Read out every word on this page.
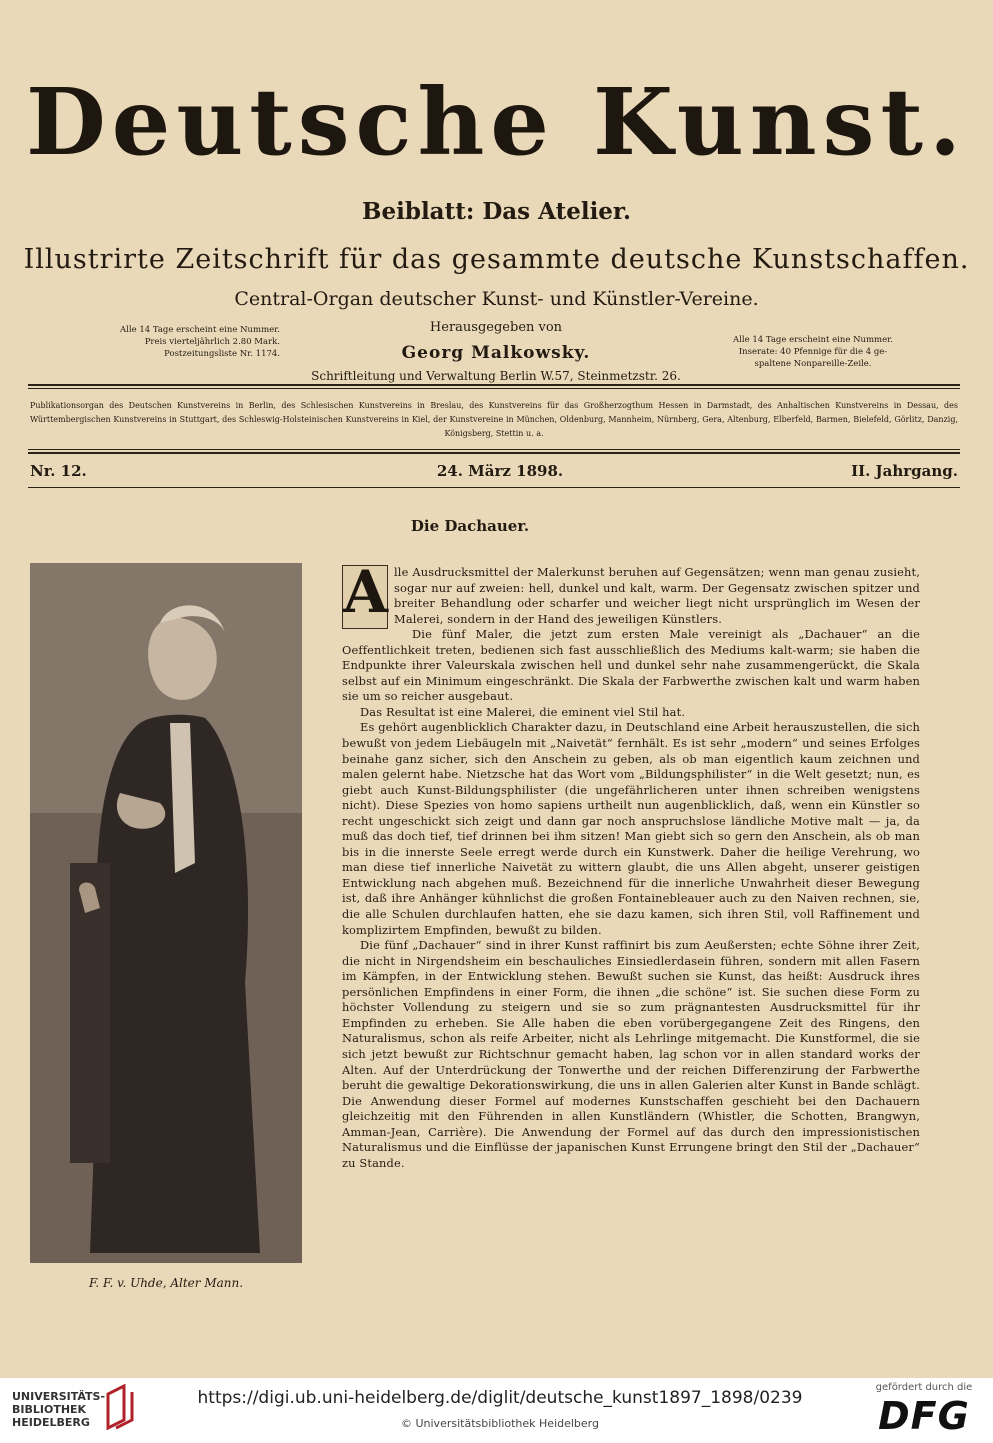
Deutsche Kunst.
Beiblatt: Das Atelier.
Illustrirte Zeitschrift für das gesammte deutsche Kunstschaffen.
Central-Organ deutscher Kunst- und Künstler-Vereine.
Alle 14 Tage erscheint eine Nummer.
Preis vierteljährlich 2.80 Mark.
Postzeitungsliste Nr. 1174.
Herausgegeben von
Georg Malkowsky.
Schriftleitung und Verwaltung Berlin W.57, Steinmetzstr. 26.
Alle 14 Tage erscheint eine Nummer.
Inserate: 40 Pfennige für die 4 ge-
spaltene Nonpareille-Zeile.
Publikationsorgan des Deutschen Kunstvereins in Berlin, des Schlesischen Kunstvereins in Breslau, des Kunstvereins für das Großherzogthum Hessen in Darmstadt, des Anhaltischen Kunstvereins in Dessau, des Württembergischen Kunstvereins in Stuttgart, des Schleswig-Holsteinischen Kunstvereins in Kiel, der Kunstvereine in München, Oldenburg, Mannheim, Nürnberg, Gera, Altenburg, Elberfeld, Barmen, Bielefeld, Görlitz, Danzig, Königsberg, Stettin u. a.
Nr. 12.	24. März 1898.	II. Jahrgang.
Die Dachauer.
F. F. v. Uhde, Alter Mann.

A lle Ausdrucksmittel der Malerkunst beruhen auf Gegensätzen; wenn man genau zusieht, sogar nur auf zweien: hell, dunkel und kalt, warm. Der Gegensatz zwischen spitzer und breiter Behandlung oder scharfer und weicher liegt nicht ursprünglich im Wesen der Malerei, sondern in der Hand des jeweiligen Künstlers.

Die fünf Maler, die jetzt zum ersten Male vereinigt als „Dachauer“ an die Oeffentlichkeit treten, bedienen sich fast ausschließlich des Mediums kalt-warm; sie haben die Endpunkte ihrer Valeurskala zwischen hell und dunkel sehr nahe zusammengerückt, die Skala selbst auf ein Minimum eingeschränkt. Die Skala der Farbwerthe zwischen kalt und warm haben sie um so reicher ausgebaut.

Das Resultat ist eine Malerei, die eminent viel Stil hat.

Es gehört augenblicklich Charakter dazu, in Deutschland eine Arbeit herauszustellen, die sich bewußt von jedem Liebäugeln mit „Naivetät“ fernhält. Es ist sehr „modern“ und seines Erfolges beinahe ganz sicher, sich den Anschein zu geben, als ob man eigentlich kaum zeichnen und malen gelernt habe. Nietzsche hat das Wort vom „Bildungsphilister“ in die Welt gesetzt; nun, es giebt auch Kunst-Bildungsphilister (die ungefährlicheren unter ihnen schreiben wenigstens nicht). Diese Spezies von homo sapiens urtheilt nun augenblicklich, daß, wenn ein Künstler so recht ungeschickt sich zeigt und dann gar noch anspruchslose ländliche Motive malt — ja, da muß das doch tief, tief drinnen bei ihm sitzen! Man giebt sich so gern den Anschein, als ob man bis in die innerste Seele erregt werde durch ein Kunstwerk. Daher die heilige Verehrung, wo man diese tief innerliche Naivetät zu wittern glaubt, die uns Allen abgeht, unserer geistigen Entwicklung nach abgehen muß. Bezeichnend für die innerliche Unwahrheit dieser Bewegung ist, daß ihre Anhänger kühnlichst die großen Fontainebleauer auch zu den Naiven rechnen, sie, die alle Schulen durchlaufen hatten, ehe sie dazu kamen, sich ihren Stil, voll Raffinement und komplizirtem Empfinden, bewußt zu bilden.

Die fünf „Dachauer“ sind in ihrer Kunst raffinirt bis zum Aeußersten; echte Söhne ihrer Zeit, die nicht in Nirgendsheim ein beschauliches Einsiedlerdasein führen, sondern mit allen Fasern im Kämpfen, in der Entwicklung stehen. Bewußt suchen sie Kunst, das heißt: Ausdruck ihres persönlichen Empfindens in einer Form, die ihnen „die schöne“ ist. Sie suchen diese Form zu höchster Vollendung zu steigern und sie so zum prägnantesten Ausdrucksmittel für ihr Empfinden zu erheben. Sie Alle haben die eben vorübergegangene Zeit des Ringens, den Naturalismus, schon als reife Arbeiter, nicht als Lehrlinge mitgemacht. Die Kunstformel, die sie sich jetzt bewußt zur Richtschnur gemacht haben, lag schon vor in allen standard works der Alten. Auf der Unterdrückung der Tonwerthe und der reichen Differenzirung der Farbwerthe beruht die gewaltige Dekorationswirkung, die uns in allen Galerien alter Kunst in Bande schlägt. Die Anwendung dieser Formel auf modernes Kunstschaffen geschieht bei den Dachauern gleichzeitig mit den Führenden in allen Kunstländern (Whistler, die Schotten, Brangwyn, Amman-Jean, Carrière). Die Anwendung der Formel auf das durch den impressionistischen Naturalismus und die Einflüsse der japanischen Kunst Errungene bringt den Stil der „Dachauer“ zu Stande.

UNIVERSITÄTS-BIBLIOTHEK HEIDELBERG
https://digi.ub.uni-heidelberg.de/diglit/deutsche_kunst1897_1898/0239
© Universitätsbibliothek Heidelberg
gefördert durch die
DFG
